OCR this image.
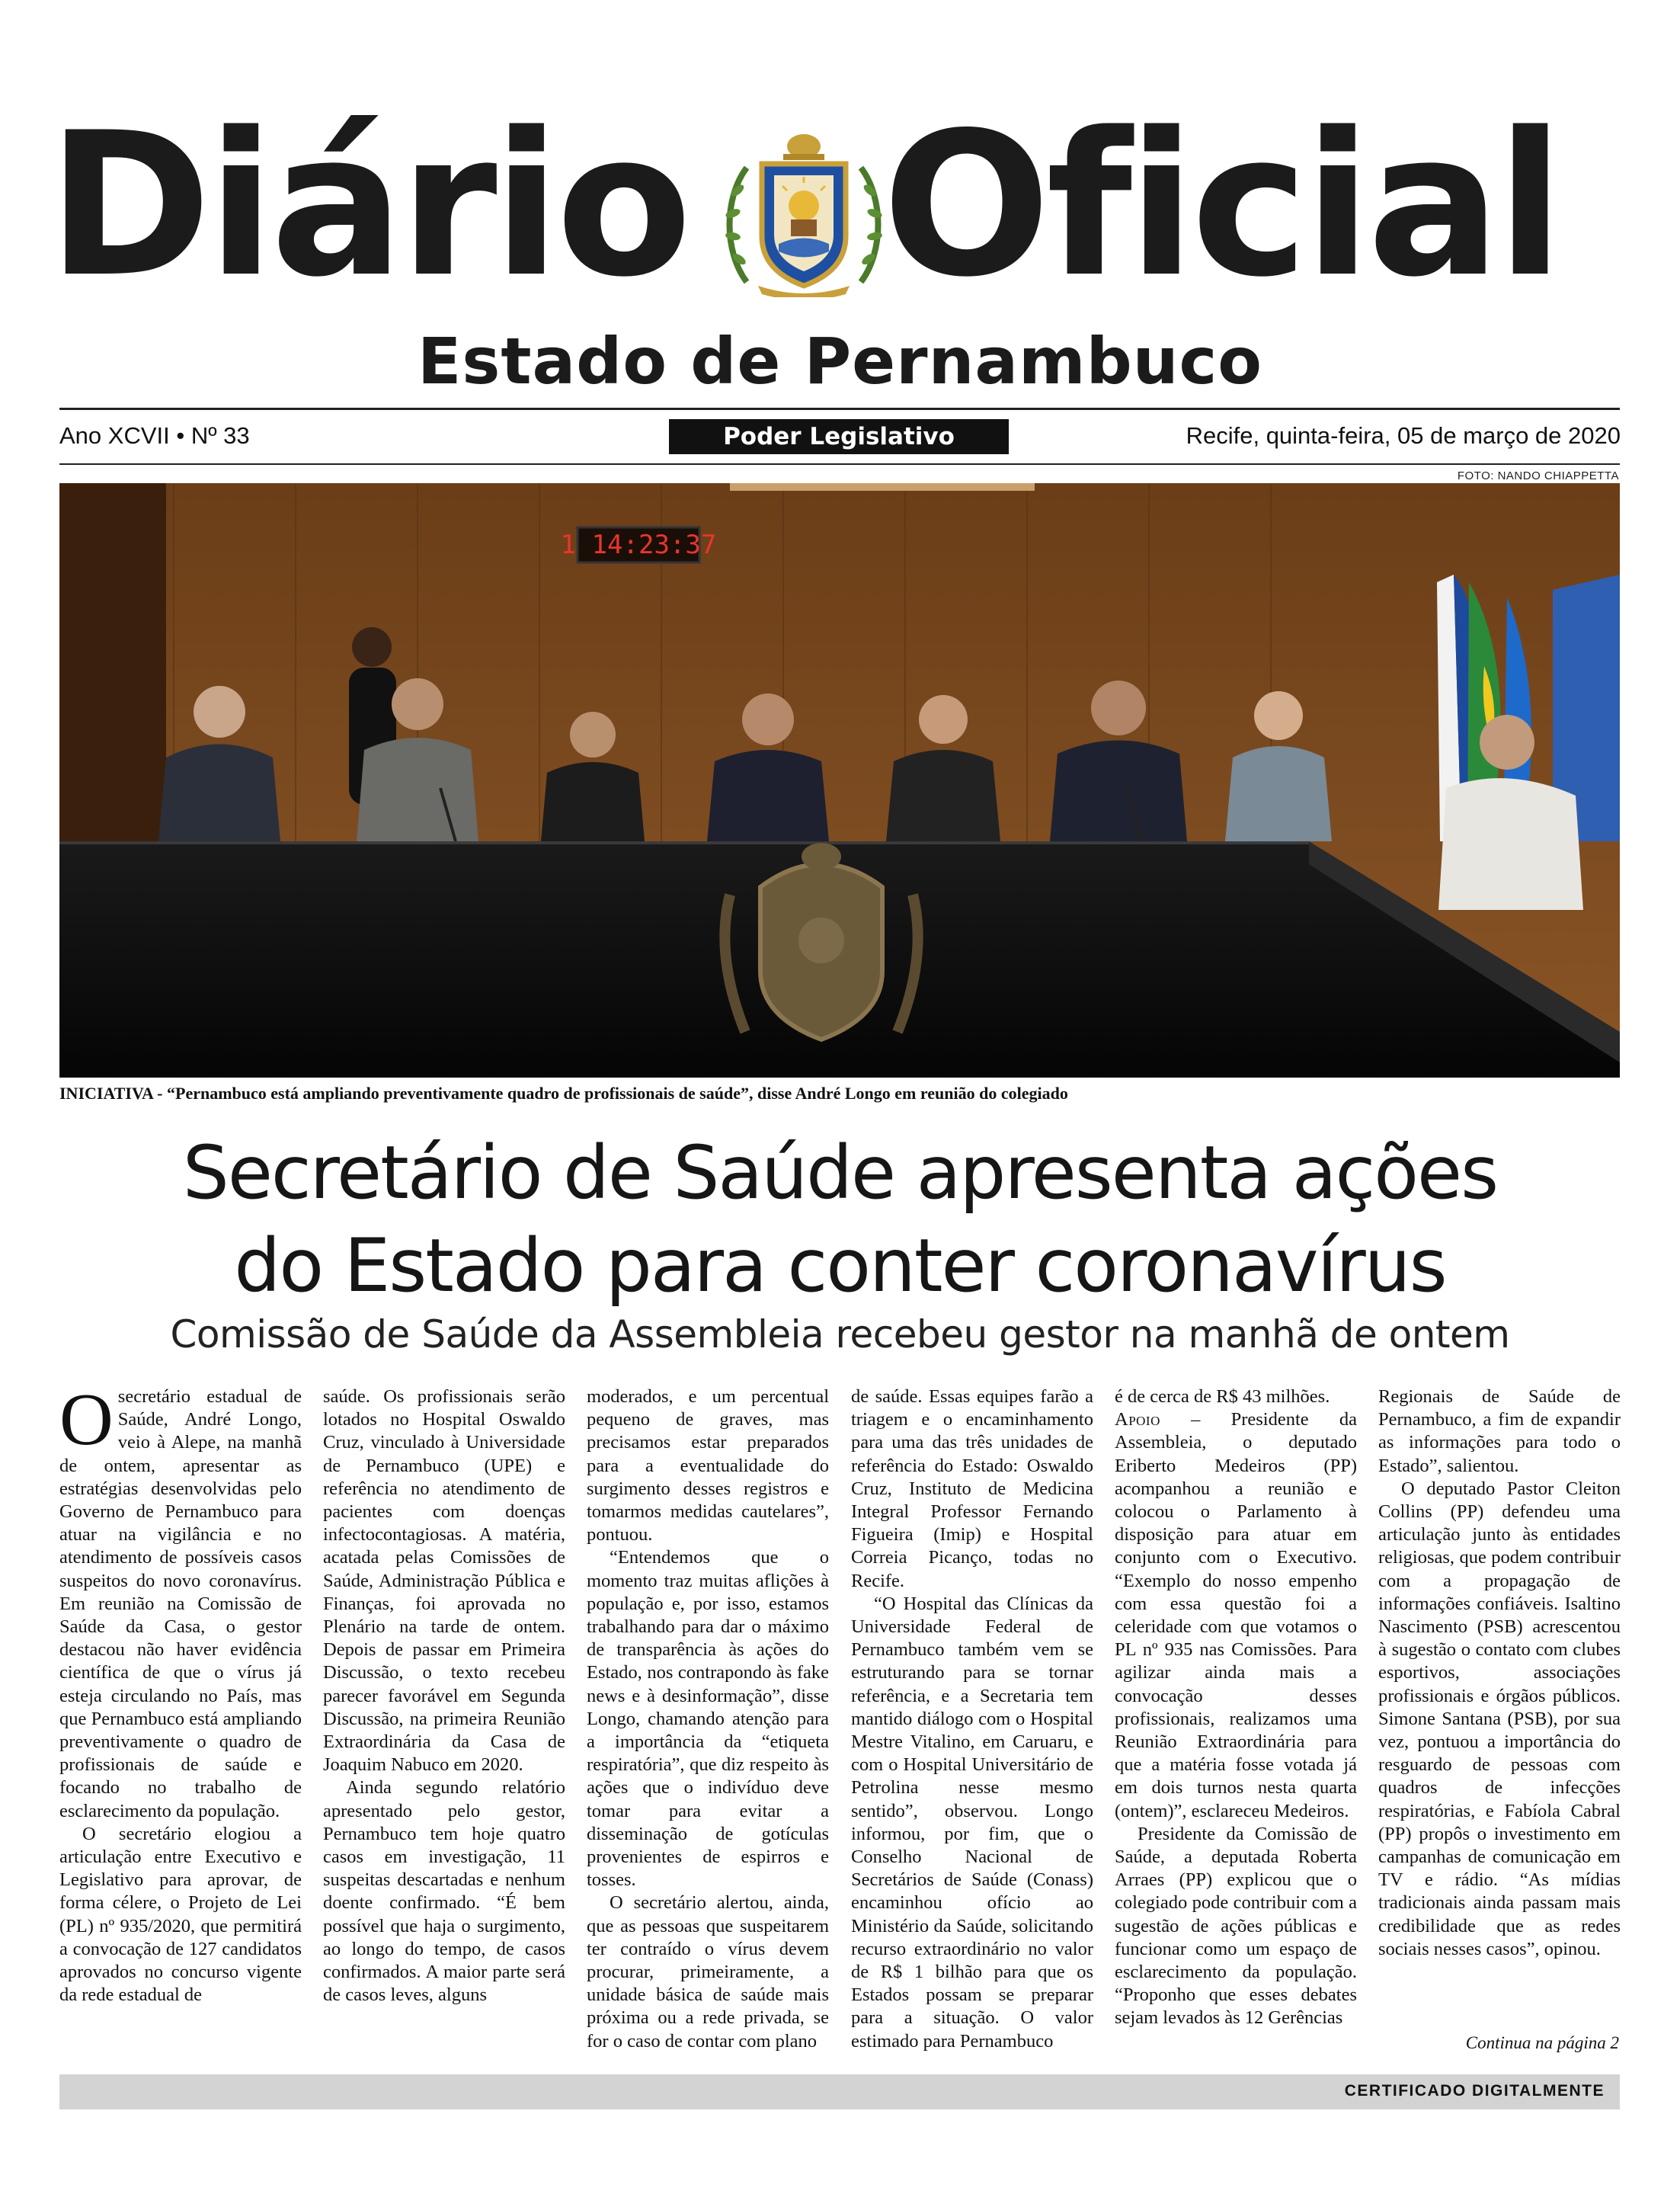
Diário Oficial
Estado de Pernambuco
Ano XCVII • Nº 33	Poder Legislativo	Recife, quinta-feira, 05 de março de 2020
FOTO: NANDO CHIAPPETTA
1 14:23:37
INICIATIVA - “Pernambuco está ampliando preventivamente quadro de profissionais de saúde”, disse André Longo em reunião do colegiado
Secretário de Saúde apresenta ações
do Estado para conter coronavírus
Comissão de Saúde da Assembleia recebeu gestor na manhã de ontem

Osecretário estadual de Saúde, André Longo, veio à Alepe, na manhã de ontem, apresentar as estratégias desenvolvidas pelo Governo de Pernambuco para atuar na vigilância e no atendimento de possíveis casos suspeitos do novo coronavírus. Em reunião na Comissão de Saúde da Casa, o gestor destacou não haver evidência científica de que o vírus já esteja circulando no País, mas que Pernambuco está ampliando preventivamente o quadro de profissionais de saúde e focando no trabalho de esclarecimento da população.

O secretário elogiou a articulação entre Executivo e Legislativo para aprovar, de forma célere, o Projeto de Lei (PL) nº 935/2020, que permitirá a convocação de 127 candidatos aprovados no concurso vigente da rede estadual de

saúde. Os profissionais serão lotados no Hospital Oswaldo Cruz, vinculado à Universidade de Pernambuco (UPE) e referência no atendimento de pacientes com doenças infectocontagiosas. A matéria, acatada pelas Comissões de Saúde, Administração Pública e Finanças, foi aprovada no Plenário na tarde de ontem. Depois de passar em Primeira Discussão, o texto recebeu parecer favorável em Segunda Discussão, na primeira Reunião Extraordinária da Casa de Joaquim Nabuco em 2020.

Ainda segundo relatório apresentado pelo gestor, Pernambuco tem hoje quatro casos em investigação, 11 suspeitas descartadas e nenhum doente confirmado. “É bem possível que haja o surgimento, ao longo do tempo, de casos confirmados. A maior parte será de casos leves, alguns

moderados, e um percentual pequeno de graves, mas precisamos estar preparados para a eventualidade do surgimento desses registros e tomarmos medidas cautelares”, pontuou.

“Entendemos que o momento traz muitas aflições à população e, por isso, estamos trabalhando para dar o máximo de transparência às ações do Estado, nos contrapondo às fake news e à desinformação”, disse Longo, chamando atenção para a importância da “etiqueta respiratória”, que diz respeito às ações que o indivíduo deve tomar para evitar a disseminação de gotículas provenientes de espirros e tosses.

O secretário alertou, ainda, que as pessoas que suspeitarem ter contraído o vírus devem procurar, primeiramente, a unidade básica de saúde mais próxima ou a rede privada, se for o caso de contar com plano

de saúde. Essas equipes farão a triagem e o encaminhamento para uma das três unidades de referência do Estado: Oswaldo Cruz, Instituto de Medicina Integral Professor Fernando Figueira (Imip) e Hospital Correia Picanço, todas no Recife.

“O Hospital das Clínicas da Universidade Federal de Pernambuco também vem se estruturando para se tornar referência, e a Secretaria tem mantido diálogo com o Hospital Mestre Vitalino, em Caruaru, e com o Hospital Universitário de Petrolina nesse mesmo sentido”, observou. Longo informou, por fim, que o Conselho Nacional de Secretários de Saúde (Conass) encaminhou ofício ao Ministério da Saúde, solicitando recurso extraordinário no valor de R$ 1 bilhão para que os Estados possam se preparar para a situação. O valor estimado para Pernambuco

é de cerca de R$ 43 milhões.

Apoio – Presidente da Assembleia, o deputado Eriberto Medeiros (PP) acompanhou a reunião e colocou o Parlamento à disposição para atuar em conjunto com o Executivo. “Exemplo do nosso empenho com essa questão foi a celeridade com que votamos o PL nº 935 nas Comissões. Para agilizar ainda mais a convocação desses profissionais, realizamos uma Reunião Extraordinária para que a matéria fosse votada já em dois turnos nesta quarta (ontem)”, esclareceu Medeiros.

Presidente da Comissão de Saúde, a deputada Roberta Arraes (PP) explicou que o colegiado pode contribuir com a sugestão de ações públicas e funcionar como um espaço de esclarecimento da população. “Proponho que esses debates sejam levados às 12 Gerências

Regionais de Saúde de Pernambuco, a fim de expandir as informações para todo o Estado”, salientou.

O deputado Pastor Cleiton Collins (PP) defendeu uma articulação junto às entidades religiosas, que podem contribuir com a propagação de informações confiáveis. Isaltino Nascimento (PSB) acrescentou à sugestão o contato com clubes esportivos, associações profissionais e órgãos públicos. Simone Santana (PSB), por sua vez, pontuou a importância do resguardo de pessoas com quadros de infecções respiratórias, e Fabíola Cabral (PP) propôs o investimento em campanhas de comunicação em TV e rádio. “As mídias tradicionais ainda passam mais credibilidade que as redes sociais nesses casos”, opinou.

Continua na página 2
CERTIFICADO DIGITALMENTE
